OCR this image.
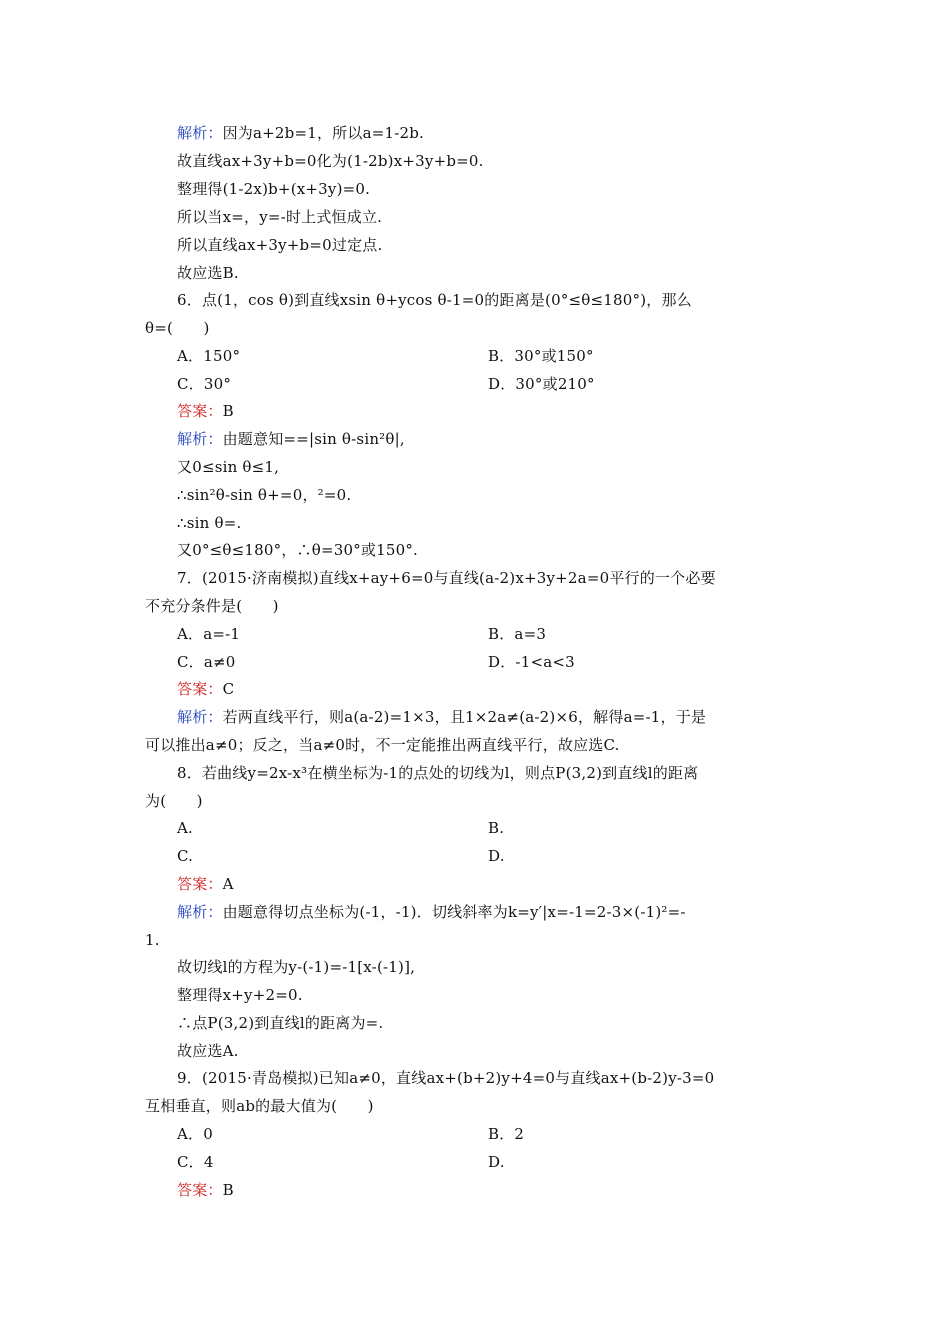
解析：因为a+2b=1，所以a=1-2b.
故直线ax+3y+b=0化为(1-2b)x+3y+b=0.
整理得(1-2x)b+(x+3y)=0.
所以当x=，y=-时上式恒成立.
所以直线ax+3y+b=0过定点.
故应选B.
6．点(1，cos θ)到直线xsin θ+ycos θ-1=0的距离是(0°≤θ≤180°)，那么
θ=(　　)
A．150°	B．30°或150°
C．30°	D．30°或210°
答案：B
解析：由题意知==|sin θ-sin²θ|,
又0≤sin θ≤1,
∴sin²θ-sin θ+=0，²=0.
∴sin θ=.
又0°≤θ≤180°，∴θ=30°或150°.
7．(2015·济南模拟)直线x+ay+6=0与直线(a-2)x+3y+2a=0平行的一个必要
不充分条件是(　　)
A．a=-1	B．a=3
C．a≠0	D．-1<a<3
答案：C
解析：若两直线平行，则a(a-2)=1×3，且1×2a≠(a-2)×6，解得a=-1，于是
可以推出a≠0；反之，当a≠0时，不一定能推出两直线平行，故应选C.
8．若曲线y=2x-x³在横坐标为-1的点处的切线为l，则点P(3,2)到直线l的距离
为(　　)
A.	B.
C.	D.
答案：A
解析：由题意得切点坐标为(-1，-1)．切线斜率为k=y′|x=-1=2-3×(-1)²=-
1.
故切线l的方程为y-(-1)=-1[x-(-1)],
整理得x+y+2=0.
∴点P(3,2)到直线l的距离为=.
故应选A.
9．(2015·青岛模拟)已知a≠0，直线ax+(b+2)y+4=0与直线ax+(b-2)y-3=0
互相垂直，则ab的最大值为(　　)
A．0	B．2
C．4	D.
答案：B
